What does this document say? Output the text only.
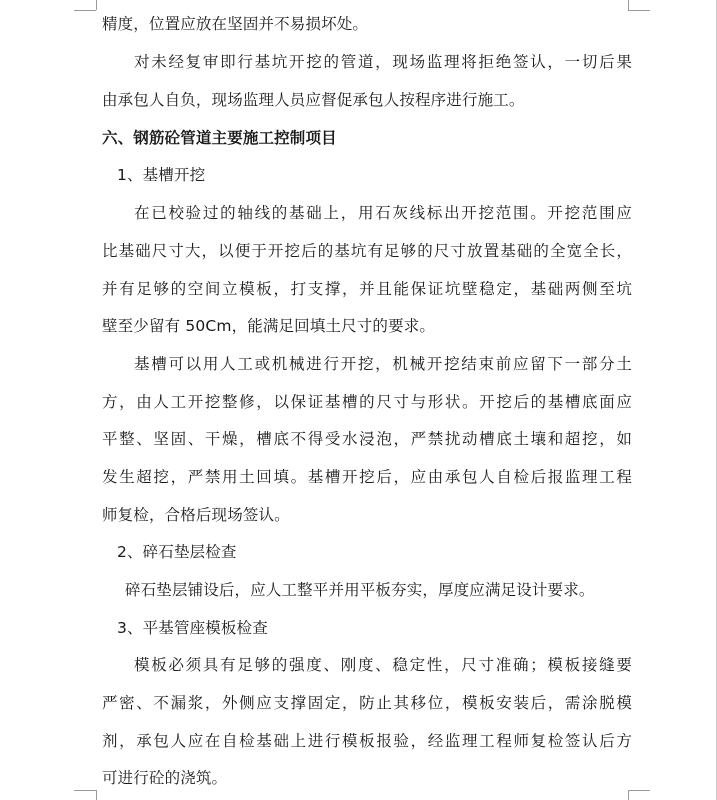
精度，位置应放在坚固并不易损坏处。
对未经复审即行基坑开挖的管道，现场监理将拒绝签认，一切后果
由承包人自负，现场监理人员应督促承包人按程序进行施工。
六、钢筋砼管道主要施工控制项目
1、基槽开挖
在已校验过的轴线的基础上，用石灰线标出开挖范围。开挖范围应
比基础尺寸大，以便于开挖后的基坑有足够的尺寸放置基础的全宽全长，
并有足够的空间立模板，打支撑，并且能保证坑壁稳定，基础两侧至坑
壁至少留有 50Cm，能满足回填土尺寸的要求。
基槽可以用人工或机械进行开挖，机械开挖结束前应留下一部分土
方，由人工开挖整修，以保证基槽的尺寸与形状。开挖后的基槽底面应
平整、坚固、干燥，槽底不得受水浸泡，严禁扰动槽底土壤和超挖，如
发生超挖，严禁用土回填。基槽开挖后，应由承包人自检后报监理工程
师复检，合格后现场签认。
2、碎石垫层检查
碎石垫层铺设后，应人工整平并用平板夯实，厚度应满足设计要求。
3、平基管座模板检查
模板必须具有足够的强度、刚度、稳定性，尺寸准确；模板接缝要
严密、不漏浆，外侧应支撑固定，防止其移位，模板安装后，需涂脱模
剂，承包人应在自检基础上进行模板报验，经监理工程师复检签认后方
可进行砼的浇筑。
